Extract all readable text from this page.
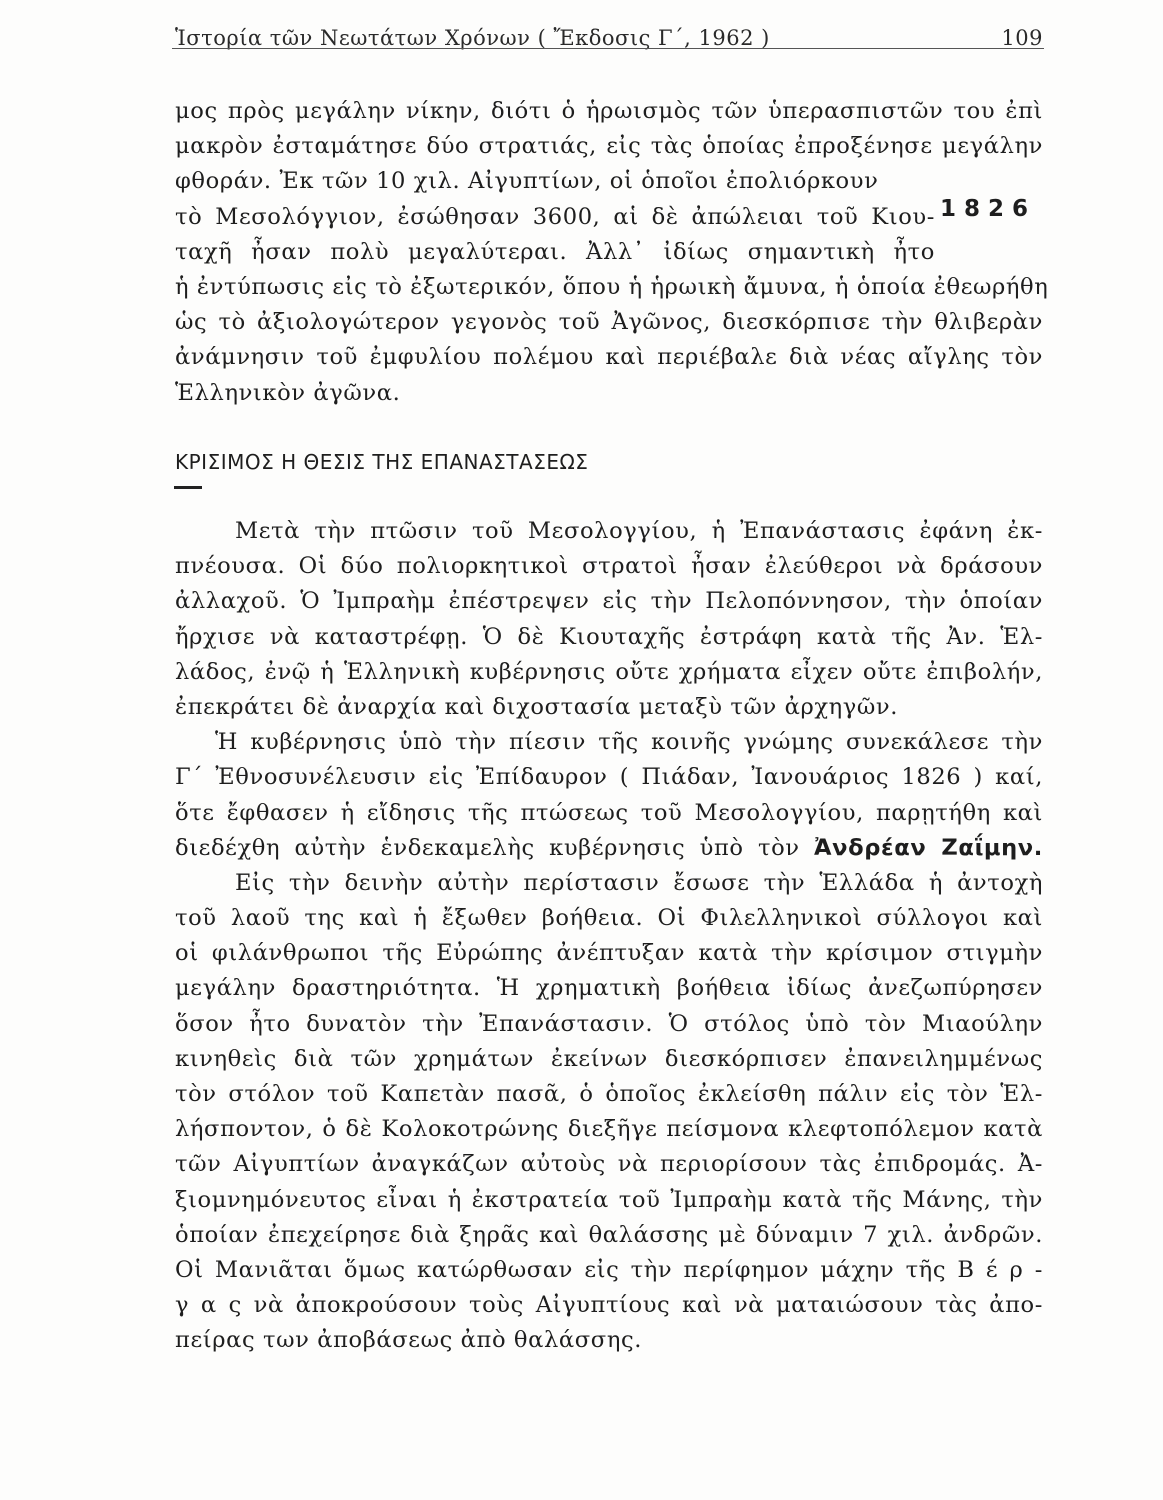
Ἱστορία τῶν Νεωτάτων Χρόνων ( Ἔκδοσις Γ΄, 1962 )	109
1826
μος πρὸς μεγάλην νίκην, διότι ὁ ἡρωισμὸς τῶν ὑπερασπιστῶν του ἐπὶ
μακρὸν ἐσταμάτησε δύο στρατιάς, εἰς τὰς ὁποίας ἐπροξένησε μεγάλην
φθοράν. Ἐκ τῶν 10 χιλ. Αἰγυπτίων, οἱ ὁποῖοι ἐπολιόρκουν
τὸ Μεσολόγγιον, ἐσώθησαν 3600, αἱ δὲ ἀπώλειαι τοῦ Κιου-
ταχῆ ἦσαν πολὺ μεγαλύτεραι. Ἀλλ᾽ ἰδίως σημαντικὴ ἦτο
ἡ ἐντύπωσις εἰς τὸ ἐξωτερικόν, ὅπου ἡ ἡρωικὴ ἄμυνα, ἡ ὁποία ἐθεωρήθη
ὡς τὸ ἀξιολογώτερον γεγονὸς τοῦ Ἀγῶνος, διεσκόρπισε τὴν θλιβερὰν
ἀνάμνησιν τοῦ ἐμφυλίου πολέμου καὶ περιέβαλε διὰ νέας αἴγλης τὸν
Ἑλληνικὸν ἀγῶνα.
ΚΡΙΣΙΜΟΣ Η ΘΕΣΙΣ ΤΗΣ ΕΠΑΝΑΣΤΑΣΕΩΣ
Μετὰ τὴν πτῶσιν τοῦ Μεσολογγίου, ἡ Ἐπανάστασις ἐφάνη ἐκ-
πνέουσα. Οἱ δύο πολιορκητικοὶ στρατοὶ ἦσαν ἐλεύθεροι νὰ δράσουν
ἀλλαχοῦ. Ὁ Ἰμπραὴμ ἐπέστρεψεν εἰς τὴν Πελοπόννησον, τὴν ὁποίαν
ἤρχισε νὰ καταστρέφῃ. Ὁ δὲ Κιουταχῆς ἐστράφη κατὰ τῆς Ἀν. Ἑλ-
λάδος, ἐνῷ ἡ Ἑλληνικὴ κυβέρνησις οὔτε χρήματα εἶχεν οὔτε ἐπιβολήν,
ἐπεκράτει δὲ ἀναρχία καὶ διχοστασία μεταξὺ τῶν ἀρχηγῶν.
Ἡ κυβέρνησις ὑπὸ τὴν πίεσιν τῆς κοινῆς γνώμης συνεκάλεσε τὴν
Γ΄ Ἐθνοσυνέλευσιν εἰς Ἐπίδαυρον ( Πιάδαν, Ἰανουάριος 1826 ) καί,
ὅτε ἔφθασεν ἡ εἴδησις τῆς πτώσεως τοῦ Μεσολογγίου, παρῃτήθη καὶ
διεδέχθη αὐτὴν ἑνδεκαμελὴς κυβέρνησις ὑπὸ τὸν Ἀνδρέαν Ζαΐμην.
Εἰς τὴν δεινὴν αὐτὴν περίστασιν ἔσωσε τὴν Ἑλλάδα ἡ ἀντοχὴ
τοῦ λαοῦ της καὶ ἡ ἔξωθεν βοήθεια. Οἱ Φιλελληνικοὶ σύλλογοι καὶ
οἱ φιλάνθρωποι τῆς Εὐρώπης ἀνέπτυξαν κατὰ τὴν κρίσιμον στιγμὴν
μεγάλην δραστηριότητα. Ἡ χρηματικὴ βοήθεια ἰδίως ἀνεζωπύρησεν
ὅσον ἦτο δυνατὸν τὴν Ἐπανάστασιν. Ὁ στόλος ὑπὸ τὸν Μιαούλην
κινηθεὶς διὰ τῶν χρημάτων ἐκείνων διεσκόρπισεν ἐπανειλημμένως
τὸν στόλον τοῦ Καπετὰν πασᾶ, ὁ ὁποῖος ἐκλείσθη πάλιν εἰς τὸν Ἑλ-
λήσποντον, ὁ δὲ Κολοκοτρώνης διεξῆγε πείσμονα κλεφτοπόλεμον κατὰ
τῶν Αἰγυπτίων ἀναγκάζων αὐτοὺς νὰ περιορίσουν τὰς ἐπιδρομάς. Ἀ-
ξιομνημόνευτος εἶναι ἡ ἐκστρατεία τοῦ Ἰμπραὴμ κατὰ τῆς Μάνης, τὴν
ὁποίαν ἐπεχείρησε διὰ ξηρᾶς καὶ θαλάσσης μὲ δύναμιν 7 χιλ. ἀνδρῶν.
Οἱ Μανιᾶται ὅμως κατώρθωσαν εἰς τὴν περίφημον μάχην τῆς Β έ ρ -
γ α ς νὰ ἀποκρούσουν τοὺς Αἰγυπτίους καὶ νὰ ματαιώσουν τὰς ἀπο-
πείρας των ἀποβάσεως ἀπὸ θαλάσσης.
